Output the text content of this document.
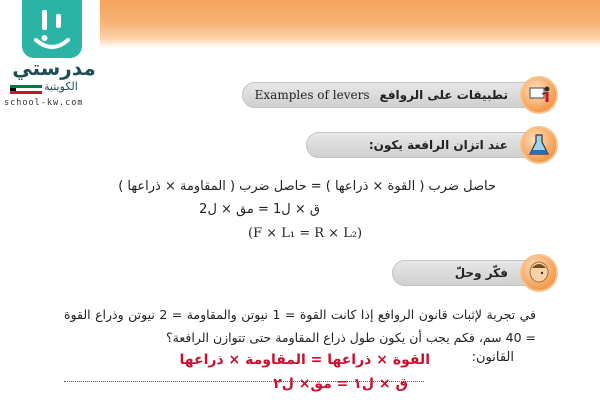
مدرستي
الكويتية
school-kw.com
تطبيقات على الروافع
Examples of levers
عند اتزان الرافعة يكون:
حاصل ضرب ( القوة × ذراعها ) = حاصل ضرب ( المقاومة × ذراعها )
ق × ل1 = مق × ل2
(F × L₁ = R × L₂)
فكّر وحلّ
في تجربة لإثبات قانون الروافع إذا كانت القوة = 1 نيوتن والمقاومة = 2 نيوتن وذراع القوة = 40 سم، فكم يجب أن يكون طول ذراع المقاومة حتى تتوازن الرافعة؟
القانون:
القوة × ذراعها = المقاومة × ذراعها
ق × ل١ = مق× ل٢
